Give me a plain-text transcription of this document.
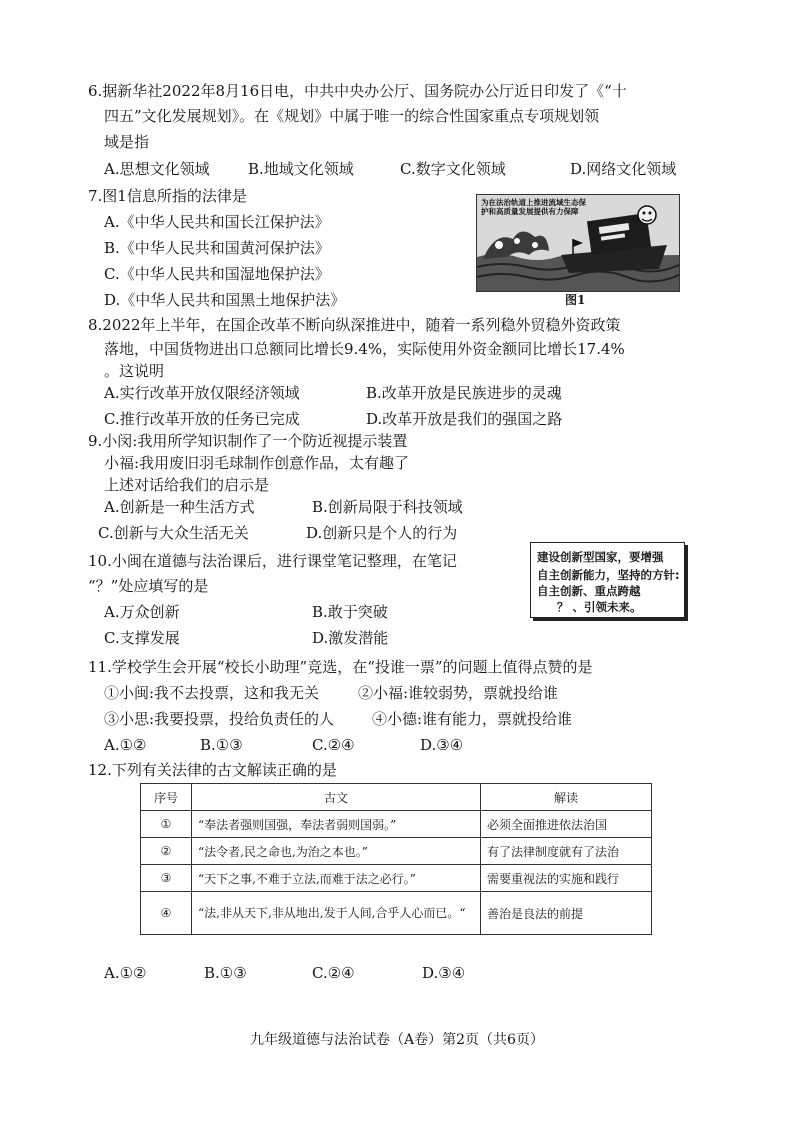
6.据新华社2022年8月16日电，中共中央办公厅、国务院办公厅近日印发了《“十
四五”文化发展规划》。在《规划》中属于唯一的综合性国家重点专项规划领
域是指
A.思想文化领域	B.地域文化领域	C.数字文化领域	D.网络文化领域
7.图1信息所指的法律是
A.《中华人民共和国长江保护法》
B.《中华人民共和国黄河保护法》
C.《中华人民共和国湿地保护法》
D.《中华人民共和国黑土地保护法》
为在法治轨道上推进流域生态保护和高质量发展提供有力保障
图1
8.2022年上半年，在国企改革不断向纵深推进中，随着一系列稳外贸稳外资政策
落地，中国货物进出口总额同比增长9.4%，实际使用外资金额同比增长17.4%
。这说明
A.实行改革开放仅限经济领域	B.改革开放是民族进步的灵魂
C.推行改革开放的任务已完成	D.改革开放是我们的强国之路
9.小闵:我用所学知识制作了一个防近视提示装置
小福:我用废旧羽毛球制作创意作品，太有趣了
上述对话给我们的启示是
A.创新是一种生活方式	B.创新局限于科技领域
C.创新与大众生活无关	D.创新只是个人的行为
10.小闽在道德与法治课后，进行课堂笔记整理，在笔记
“？”处应填写的是
A.万众创新	B.敢于突破
C.支撑发展	D.激发潜能
建设创新型国家，要增强
自主创新能力，坚持的方针:
自主创新、重点跨越
？ 、引领未来。
11.学校学生会开展“校长小助理”竞选，在“投谁一票”的问题上值得点赞的是
①小闽:我不去投票，这和我无关	②小福:谁较弱势，票就投给谁
③小思:我要投票，投给负责任的人	④小德:谁有能力，票就投给谁
A.①②	B.①③	C.②④	D.③④
12.下列有关法律的古文解读正确的是
序号	古文	解读
①	“奉法者强则国强，奉法者弱则国弱。”	必须全面推进依法治国
②	“法令者,民之命也,为治之本也。”	有了法律制度就有了法治
③	“天下之事,不难于立法,而难于法之必行。”	需要重视法的实施和践行
④	“法,非从天下,非从地出,发于人间,合乎人心而已。“	善治是良法的前提
A.①②	B.①③	C.②④	D.③④
九年级道德与法治试卷（A卷）第2页（共6页）
